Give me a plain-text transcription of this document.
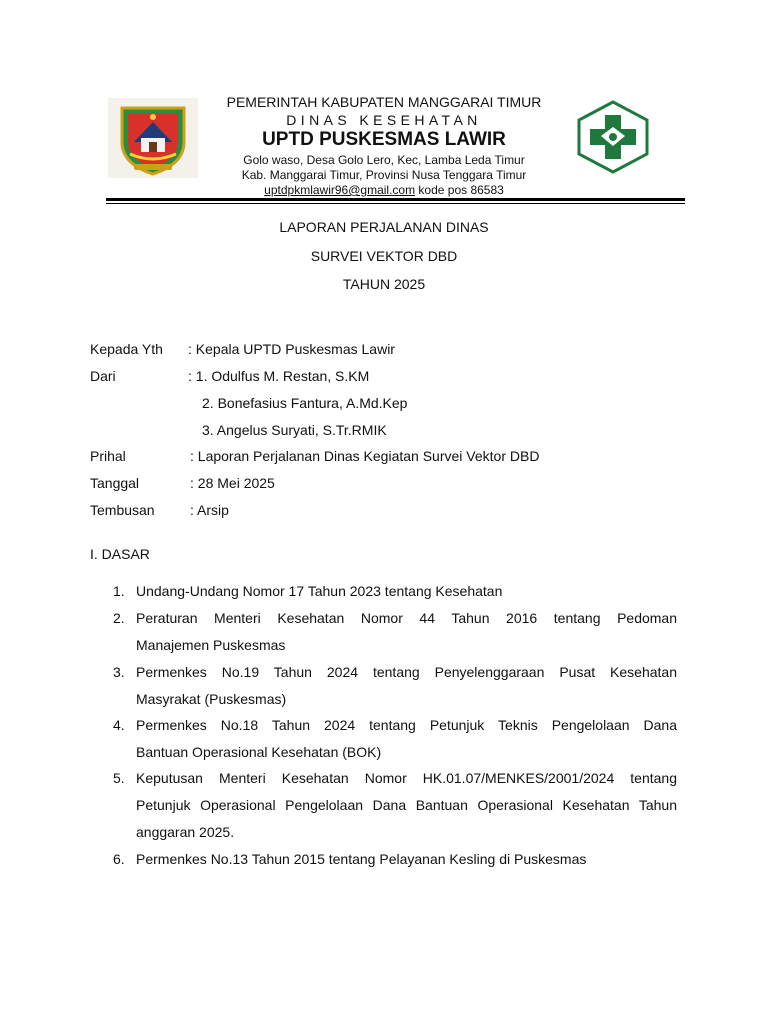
PEMERINTAH KABUPATEN MANGGARAI TIMUR
DINAS KESEHATAN
UPTD PUSKESMAS LAWIR
Golo waso, Desa Golo Lero, Kec, Lamba Leda Timur
Kab. Manggarai Timur, Provinsi Nusa Tenggara Timur
uptdpkmlawir96@gmail.com kode pos 86583
LAPORAN PERJALANAN DINAS
SURVEI VEKTOR DBD
TAHUN 2025
Kepada Yth : Kepala UPTD Puskesmas Lawir
Dari	: 1. Odulfus M. Restan, S.KM
2. Bonefasius Fantura, A.Md.Kep
3. Angelus Suryati, S.Tr.RMIK
Prihal	: Laporan Perjalanan Dinas Kegiatan Survei Vektor DBD
Tanggal	: 28 Mei 2025
Tembusan	: Arsip
I. DASAR
1. Undang-Undang Nomor 17 Tahun 2023 tentang Kesehatan
2. Peraturan Menteri Kesehatan Nomor 44 Tahun 2016 tentang Pedoman
Manajemen Puskesmas
3. Permenkes No.19 Tahun 2024 tentang Penyelenggaraan Pusat Kesehatan
Masyrakat (Puskesmas)
4. Permenkes No.18 Tahun 2024 tentang Petunjuk Teknis Pengelolaan Dana
Bantuan Operasional Kesehatan (BOK)
5. Keputusan Menteri Kesehatan Nomor HK.01.07/MENKES/2001/2024 tentang
Petunjuk Operasional Pengelolaan Dana Bantuan Operasional Kesehatan Tahun
anggaran 2025.
6. Permenkes No.13 Tahun 2015 tentang Pelayanan Kesling di Puskesmas
